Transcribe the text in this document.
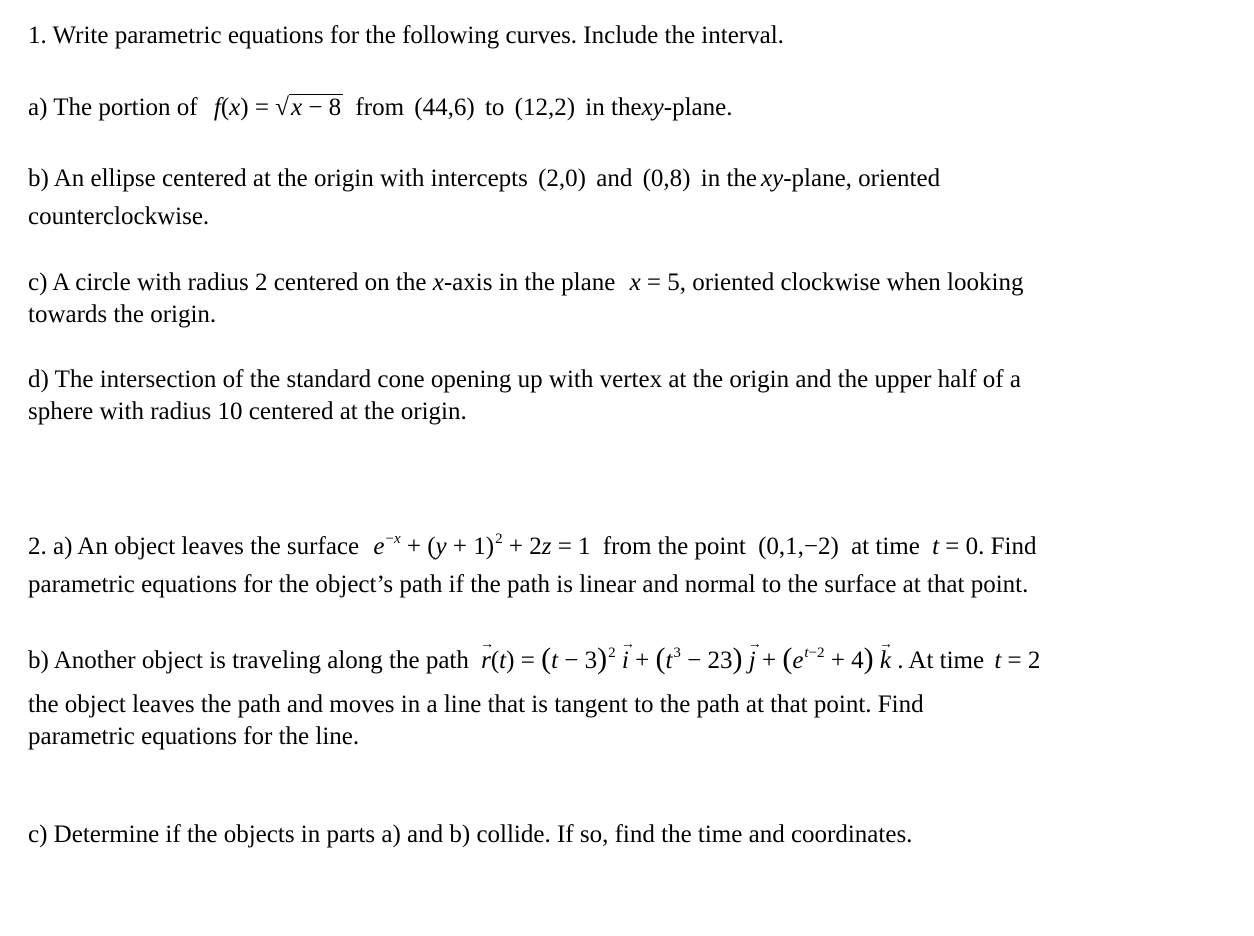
1. Write parametric equations for the following curves. Include the interval.
a) The portion of f(x) = √x − 8 from (44,6) to (12,2) in thexy-plane.
b) An ellipse centered at the origin with intercepts (2,0) and (0,8) in the xy-plane, oriented
counterclockwise.
c) A circle with radius 2 centered on the x-axis in the plane x = 5, oriented clockwise when looking
towards the origin.
d) The intersection of the standard cone opening up with vertex at the origin and the upper half of a
sphere with radius 10 centered at the origin.
2. a) An object leaves the surface $e^{-x} + (y + 1)^2 + 2z = 1$ from the point (0,1,−2) at time t = 0. Find
parametric equations for the object’s path if the path is linear and normal to the surface at that point.
b) Another object is traveling along the path → $r(t) = (t - 3)^2 \to i + (t^3 - 23) \to j + (e^{t-2} + 4) \to k$ . At time t = 2
the object leaves the path and moves in a line that is tangent to the path at that point. Find
parametric equations for the line.
c) Determine if the objects in parts a) and b) collide. If so, find the time and coordinates.
